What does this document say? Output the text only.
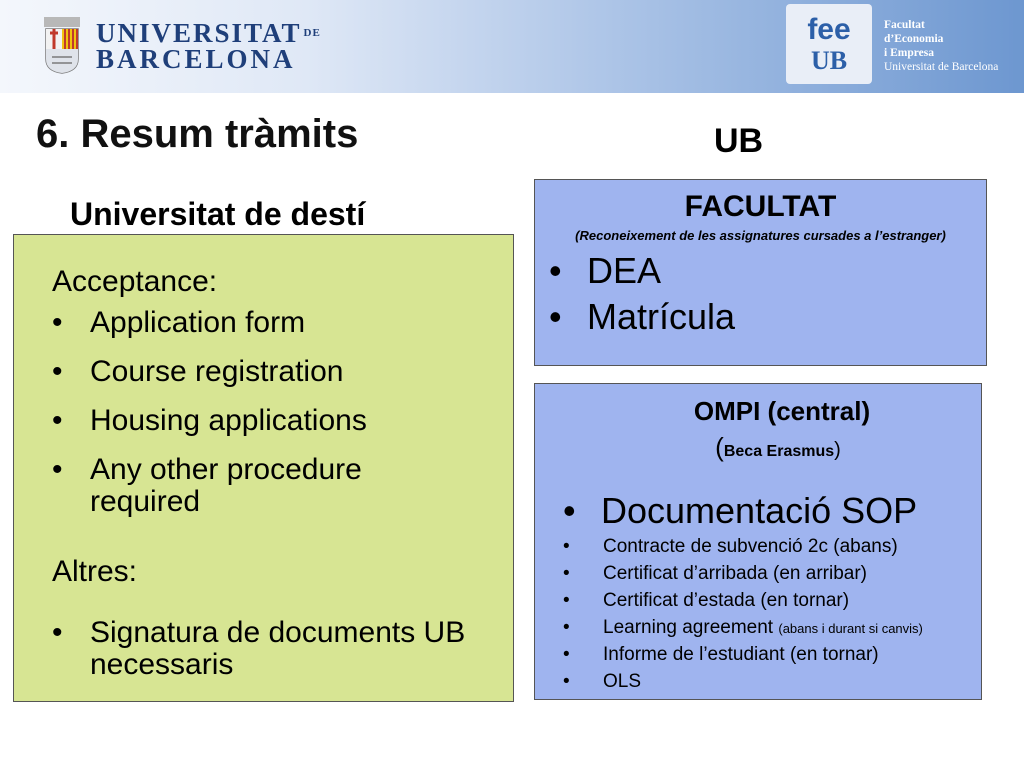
UNIVERSITAT $^{DE}$
BARCELONA
fee
UB
Facultat
d’Economia
i Empresa
Universitat de Barcelona
6. Resum tràmits	UB
Universitat de destí
Acceptance:
• Application form
• Course registration
• Housing applications
• Any other procedure required
Altres:
• Signatura de documents UB necessaris
FACULTAT
(Reconeixement de les assignatures cursades a l’estranger)
• DEA
• Matrícula
OMPI (central)
(Beca Erasmus)
• Documentació SOP
• Contracte de subvenció 2c (abans)
• Certificat d’arribada (en arribar)
• Certificat d’estada (en tornar)
• Learning agreement (abans i durant si canvis)
• Informe de l’estudiant (en tornar)
• OLS
